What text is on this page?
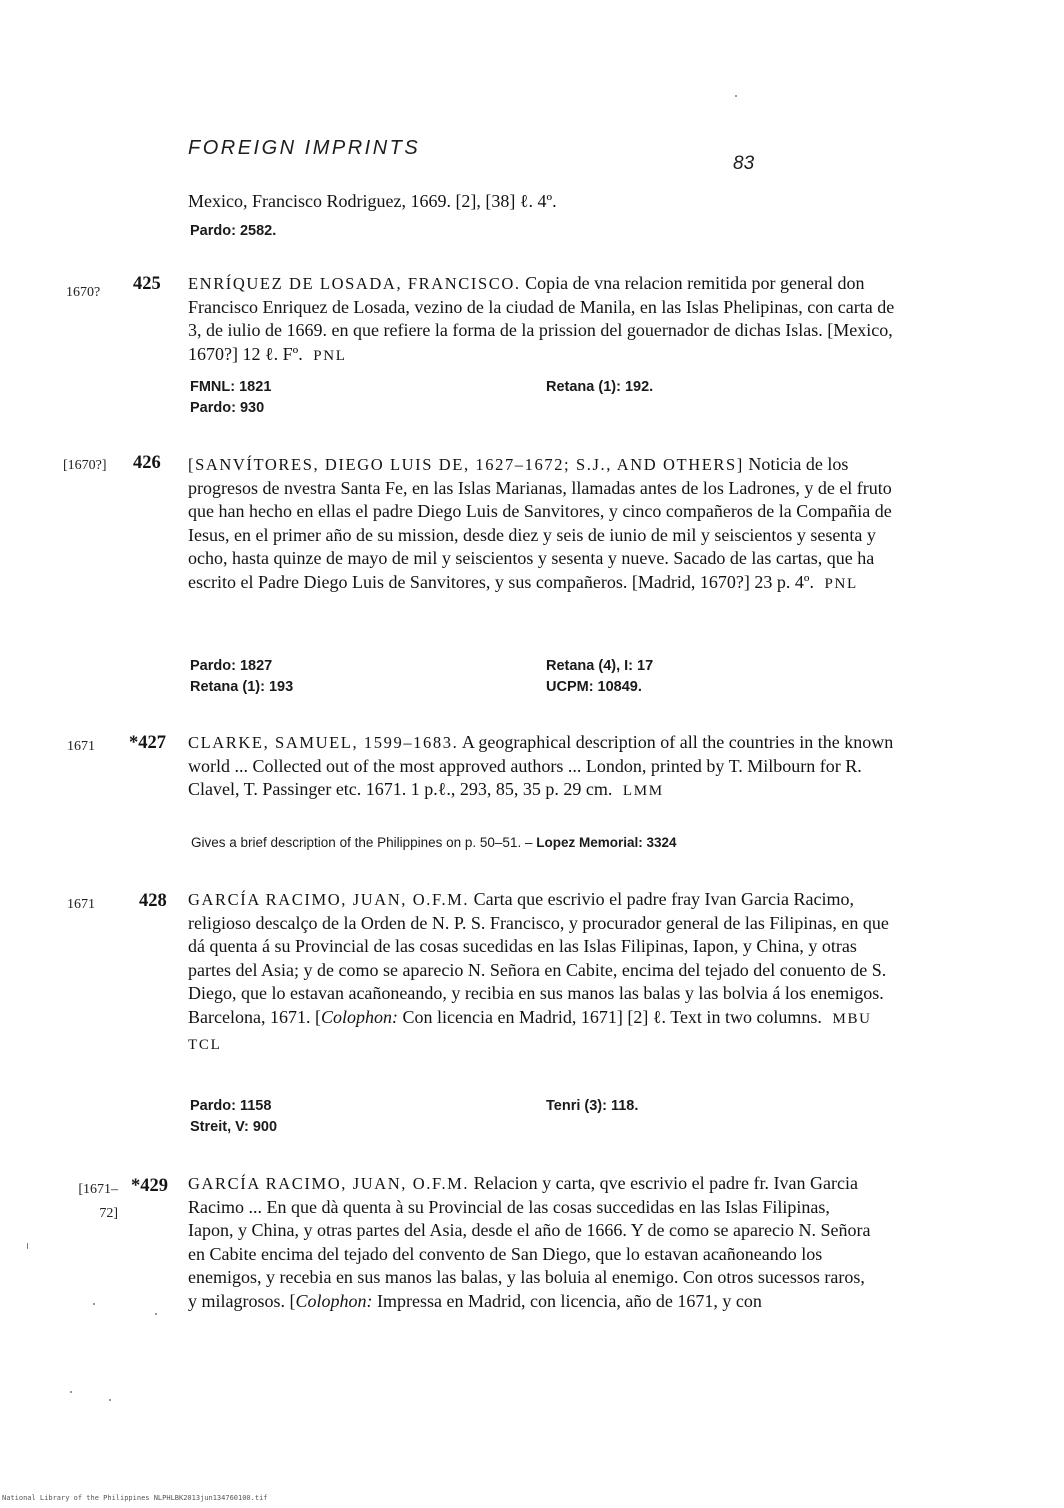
FOREIGN IMPRINTS
83
Mexico, Francisco Rodriguez, 1669. [2], [38] ℓ. 4º.
Pardo: 2582.
1670? 425 ENRÍQUEZ DE LOSADA, FRANCISCO. Copia de vna relacion remitida por general don Francisco Enriquez de Losada, vezino de la ciudad de Manila, en las Islas Phelipinas, con carta de 3, de iulio de 1669. en que refiere la forma de la prission del gouernador de dichas Islas. [Mexico, 1670?] 12 ℓ. Fº. PNL
FMNL: 1821
Pardo: 930
Retana (1): 192.
[1670?] 426 [SANVÍTORES, DIEGO LUIS DE, 1627–1672; S.J., AND OTHERS] Noticia de los progresos de nvestra Santa Fe, en las Islas Marianas, llamadas antes de los Ladrones, y de el fruto que han hecho en ellas el padre Diego Luis de Sanvitores, y cinco compañeros de la Compañia de Iesus, en el primer año de su mission, desde diez y seis de iunio de mil y seiscientos y sesenta y ocho, hasta quinze de mayo de mil y seiscientos y sesenta y nueve. Sacado de las cartas, que ha escrito el Padre Diego Luis de Sanvitores, y sus compañeros. [Madrid, 1670?] 23 p. 4º. PNL
Pardo: 1827
Retana (1): 193
Retana (4), I: 17
UCPM: 10849.
1671 *427 CLARKE, SAMUEL, 1599–1683. A geographical description of all the countries in the known world ... Collected out of the most approved authors ... London, printed by T. Milbourn for R. Clavel, T. Passinger etc. 1671. 1 p.ℓ., 293, 85, 35 p. 29 cm. LMM
Gives a brief description of the Philippines on p. 50–51. – Lopez Memorial: 3324
1671 428 GARCÍA RACIMO, JUAN, O.F.M. Carta que escrivio el padre fray Ivan Garcia Racimo, religioso descalço de la Orden de N. P. S. Francisco, y procurador general de las Filipinas, en que dá quenta á su Provincial de las cosas sucedidas en las Islas Filipinas, Iapon, y China, y otras partes del Asia; y de como se aparecio N. Señora en Cabite, encima del tejado del conuento de S. Diego, que lo estavan acañoneando, y recibia en sus manos las balas y las bolvia á los enemigos. Barcelona, 1671. [Colophon: Con licencia en Madrid, 1671] [2] ℓ. Text in two columns. MBU TCL
Pardo: 1158
Streit, V: 900
Tenri (3): 118.
[1671–72]
*429 GARCÍA RACIMO, JUAN, O.F.M. Relacion y carta, qve escrivio el padre fr. Ivan Garcia Racimo ... En que dà quenta à su Provincial de las cosas succedidas en las Islas Filipinas, Iapon, y China, y otras partes del Asia, desde el año de 1666. Y de como se aparecio N. Señora en Cabite encima del tejado del convento de San Diego, que lo estavan acañoneando los enemigos, y recebia en sus manos las balas, y las boluia al enemigo. Con otros sucessos raros, y milagrosos. [Colophon: Impressa en Madrid, con licencia, año de 1671, y con
National Library of the Philippines NLPHLBK2013jun134760100.tif
